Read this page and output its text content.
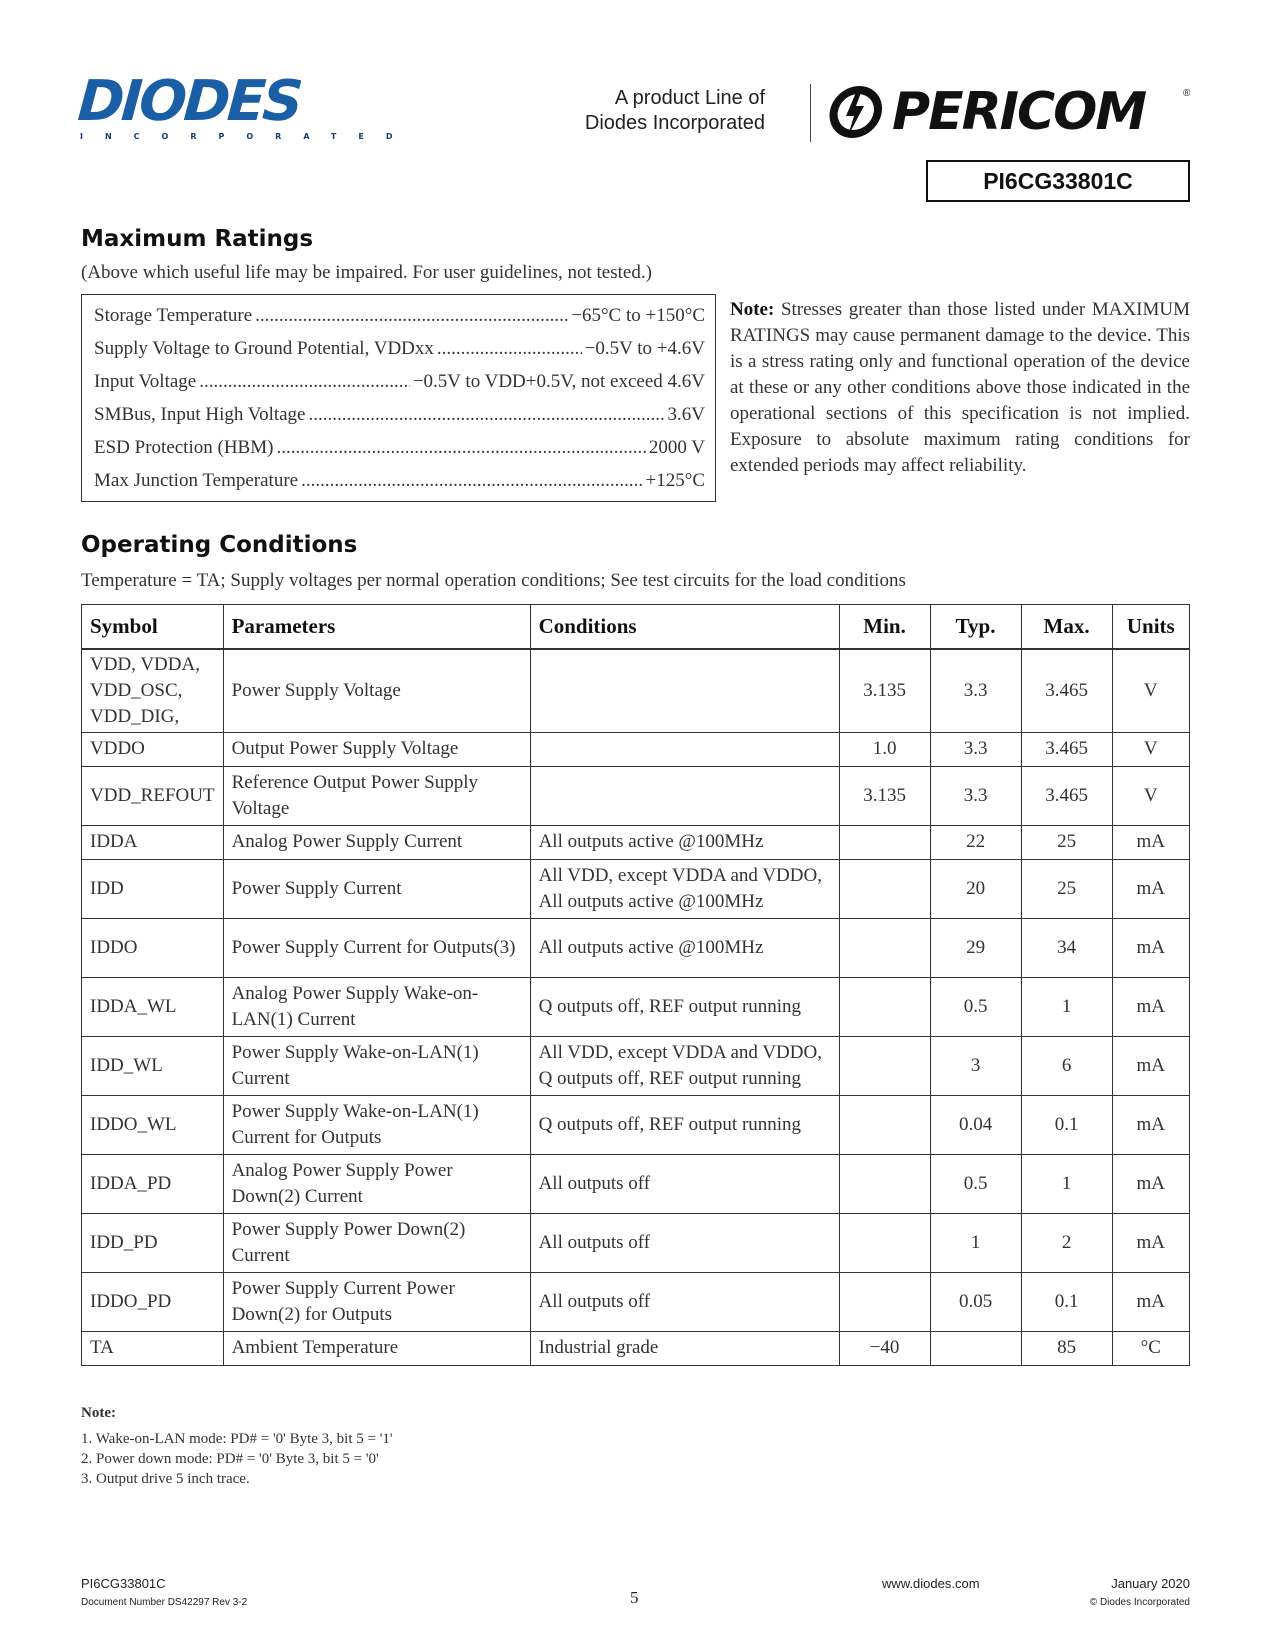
DIODES
INCORPORATED
A product Line of
Diodes Incorporated PERICOM	®
PI6CG33801C
Maximum Ratings
(Above which useful life may be impaired. For user guidelines, not tested.)
Storage Temperature .....	−65°C to +150°C
Supply Voltage to Ground Potential, VDDxx .....	−0.5V to +4.6V
Input Voltage .....	−0.5V to VDD+0.5V, not exceed 4.6V
SMBus, Input High Voltage .....	3.6V
ESD Protection (HBM) .....	2000 V
Max Junction Temperature .....	+125°C
Note: Stresses greater than those listed under MAXIMUM RATINGS may cause permanent damage to the device. This is a stress rating only and functional operation of the device at these or any other conditions above those indicated in the operational sections of this specification is not implied. Exposure to absolute maximum rating conditions for extended periods may affect reliability.
Operating Conditions
Temperature = TA; Supply voltages per normal operation conditions; See test circuits for the load conditions
Symbol	Parameters	Conditions	Min.	Typ.	Max.	Units
VDD, VDDA, VDD_OSC, VDD_DIG,	Power Supply Voltage		3.135	3.3	3.465	V
VDDO	Output Power Supply Voltage		1.0	3.3	3.465	V
VDD_REFOUT	Reference Output Power Supply Voltage		3.135	3.3	3.465	V
IDDA	Analog Power Supply Current	All outputs active @100MHz		22	25	mA
IDD	Power Supply Current	All VDD, except VDDA and VDDO, All outputs active @100MHz		20	25	mA
IDDO	Power Supply Current for Outputs(3)	All outputs active @100MHz		29	34	mA
IDDA_WL	Analog Power Supply Wake-on-LAN(1) Current	Q outputs off, REF output running		0.5	1	mA
IDD_WL	Power Supply Wake-on-LAN(1) Current	All VDD, except VDDA and VDDO, Q outputs off, REF output running		3	6	mA
IDDO_WL	Power Supply Wake-on-LAN(1) Current for Outputs	Q outputs off, REF output running		0.04	0.1	mA
IDDA_PD	Analog Power Supply Power Down(2) Current	All outputs off		0.5	1	mA
IDD_PD	Power Supply Power Down(2) Current	All outputs off		1	2	mA
IDDO_PD	Power Supply Current Power Down(2) for Outputs	All outputs off		0.05	0.1	mA
TA	Ambient Temperature	Industrial grade	−40		85	°C
Note:
1. Wake-on-LAN mode: PD# = '0' Byte 3, bit 5 = '1'
2. Power down mode: PD# = '0' Byte 3, bit 5 = '0'
3. Output drive 5 inch trace.
PI6CG33801C
Document Number DS42297 Rev 3-2	5
www.diodes.com	January 2020
© Diodes Incorporated
